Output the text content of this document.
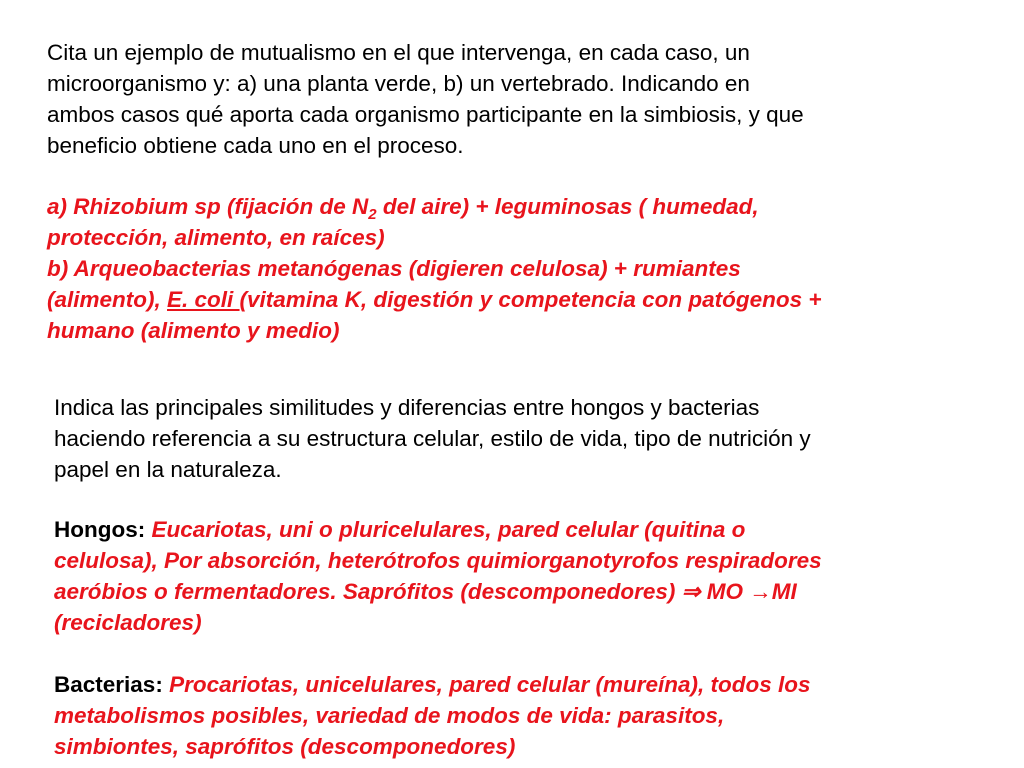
Cita un ejemplo de mutualismo en el que intervenga, en cada caso, un
microorganismo y: a) una planta verde, b) un vertebrado. Indicando en
ambos casos qué aporta cada organismo participante en la simbiosis, y que
beneficio obtiene cada uno en el proceso.
a) Rhizobium sp (fijación de $N_2$ del aire) + leguminosas ( humedad,
protección, alimento, en raíces)
b) Arqueobacterias metanógenas (digieren celulosa) + rumiantes
(alimento), E. coli (vitamina K, digestión y competencia con patógenos +
humano (alimento y medio)
Indica las principales similitudes y diferencias entre hongos y bacterias
haciendo referencia a su estructura celular, estilo de vida, tipo de nutrición y
papel en la naturaleza.
Hongos: Eucariotas, uni o pluricelulares, pared celular (quitina o
celulosa), Por absorción, heterótrofos quimiorganotyrofos respiradores
aeróbios o fermentadores. Saprófitos (descomponedores) ⇒ MO →MI
(recicladores)
Bacterias: Procariotas, unicelulares, pared celular (mureína), todos los
metabolismos posibles, variedad de modos de vida: parasitos,
simbiontes, saprófitos (descomponedores)
